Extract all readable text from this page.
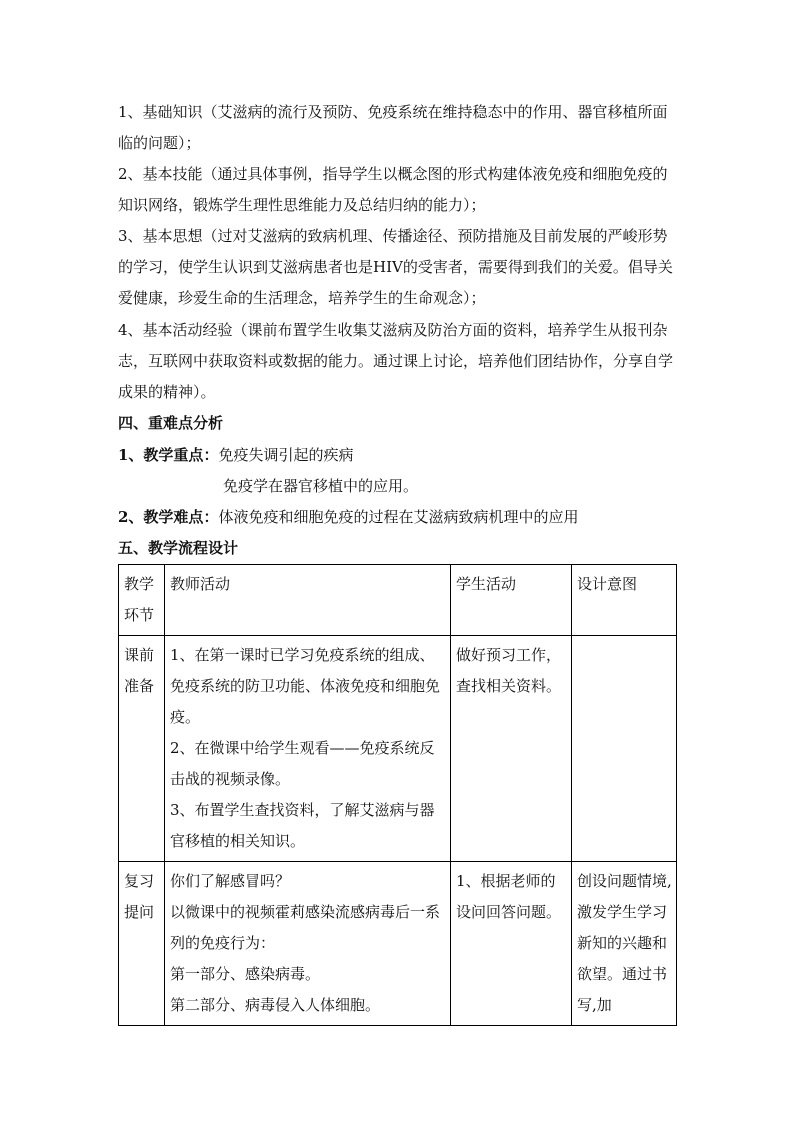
1、基础知识（艾滋病的流行及预防、免疫系统在维持稳态中的作用、器官移植所面临的问题）；

2、基本技能（通过具体事例，指导学生以概念图的形式构建体液免疫和细胞免疫的知识网络，锻炼学生理性思维能力及总结归纳的能力）；

3、基本思想（过对艾滋病的致病机理、传播途径、预防措施及目前发展的严峻形势的学习，使学生认识到艾滋病患者也是HIV的受害者，需要得到我们的关爱。倡导关爱健康，珍爱生命的生活理念，培养学生的生命观念）；

4、基本活动经验（课前布置学生收集艾滋病及防治方面的资料，培养学生从报刊杂志，互联网中获取资料或数据的能力。通过课上讨论，培养他们团结协作，分享自学成果的精神）。

四、重难点分析

1、教学重点：免疫失调引起的疾病
免疫学在器官移植中的应用。
2、教学难点：体液免疫和细胞免疫的过程在艾滋病致病机理中的应用

五、教学流程设计

教学环节	教师活动	学生活动	设计意图
课前准备	1、在第一课时已学习免疫系统的组成、免疫系统的防卫功能、体液免疫和细胞免疫。

2、在微课中给学生观看——免疫系统反击战的视频录像。

3、布置学生查找资料，了解艾滋病与器官移植的相关知识。	做好预习工作，查找相关资料。	
复习提问	你们了解感冒吗？

以微课中的视频霍莉感染流感病毒后一系列的免疫行为：

第一部分、感染病毒。

第二部分、病毒侵入人体细胞。	1、根据老师的设问回答问题。	创设问题情境,激发学生学习新知的兴趣和欲望。通过书写,加
